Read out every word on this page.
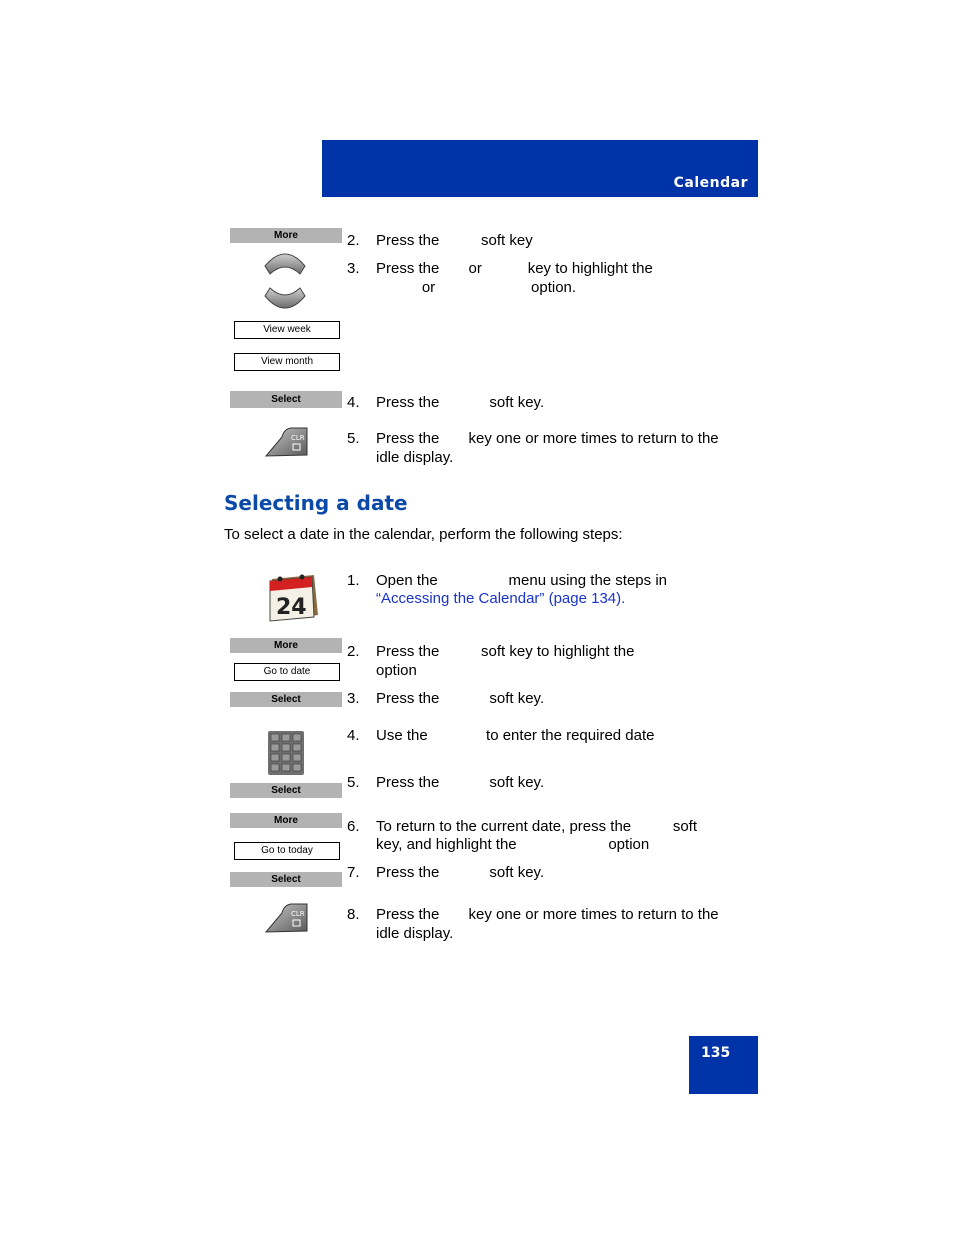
Calendar
More
View week
View month
Select
CLR
2. Press the          soft key
3. Press the       or           key to highlight the
or                       option.
4. Press the            soft key.
5. Press the       key one or more times to return to the
idle display.
Selecting a date
To select a date in the calendar, perform the following steps:
24
More
Go to date
Select
Select
More
Go to today
Select
CLR
1. Open the                 menu using the steps in
“Accessing the Calendar” (page 134).
2. Press the          soft key to highlight the
option
3. Press the            soft key.
4. Use the              to enter the required date
5. Press the            soft key.
6. To return to the current date, press the          soft
key, and highlight the                      option
7. Press the            soft key.
8. Press the       key one or more times to return to the
idle display.
135
